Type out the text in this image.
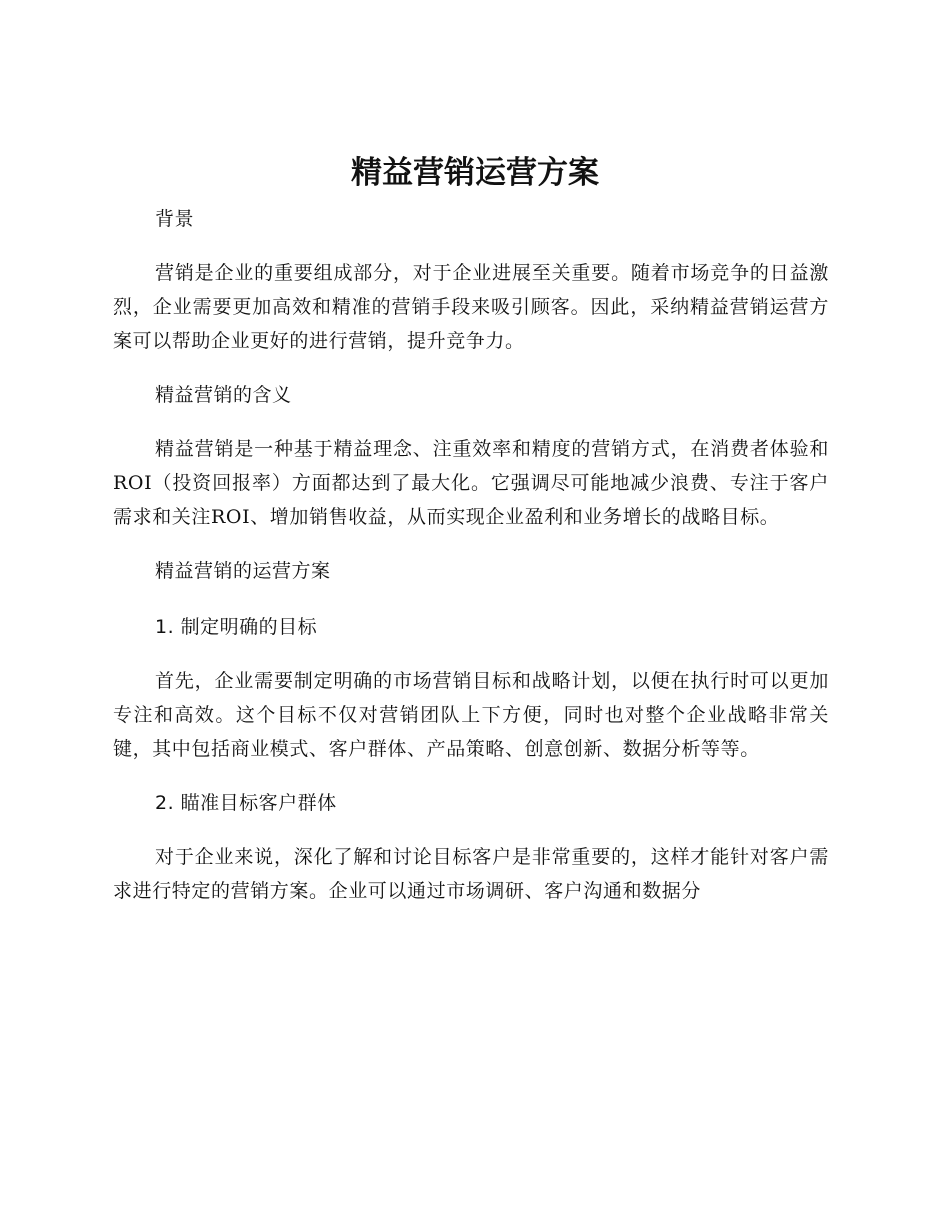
精益营销运营方案

背景

营销是企业的重要组成部分，对于企业进展至关重要。随着市场竞争的日益激烈，企业需要更加高效和精准的营销手段来吸引顾客。因此，采纳精益营销运营方案可以帮助企业更好的进行营销，提升竞争力。

精益营销的含义

精益营销是一种基于精益理念、注重效率和精度的营销方式，在消费者体验和ROI（投资回报率）方面都达到了最大化。它强调尽可能地减少浪费、专注于客户需求和关注ROI、增加销售收益，从而实现企业盈利和业务增长的战略目标。

精益营销的运营方案

1. 制定明确的目标

首先，企业需要制定明确的市场营销目标和战略计划，以便在执行时可以更加专注和高效。这个目标不仅对营销团队上下方便，同时也对整个企业战略非常关键，其中包括商业模式、客户群体、产品策略、创意创新、数据分析等等。

2. 瞄准目标客户群体

对于企业来说，深化了解和讨论目标客户是非常重要的，这样才能针对客户需求进行特定的营销方案。企业可以通过市场调研、客户沟通和数据分
